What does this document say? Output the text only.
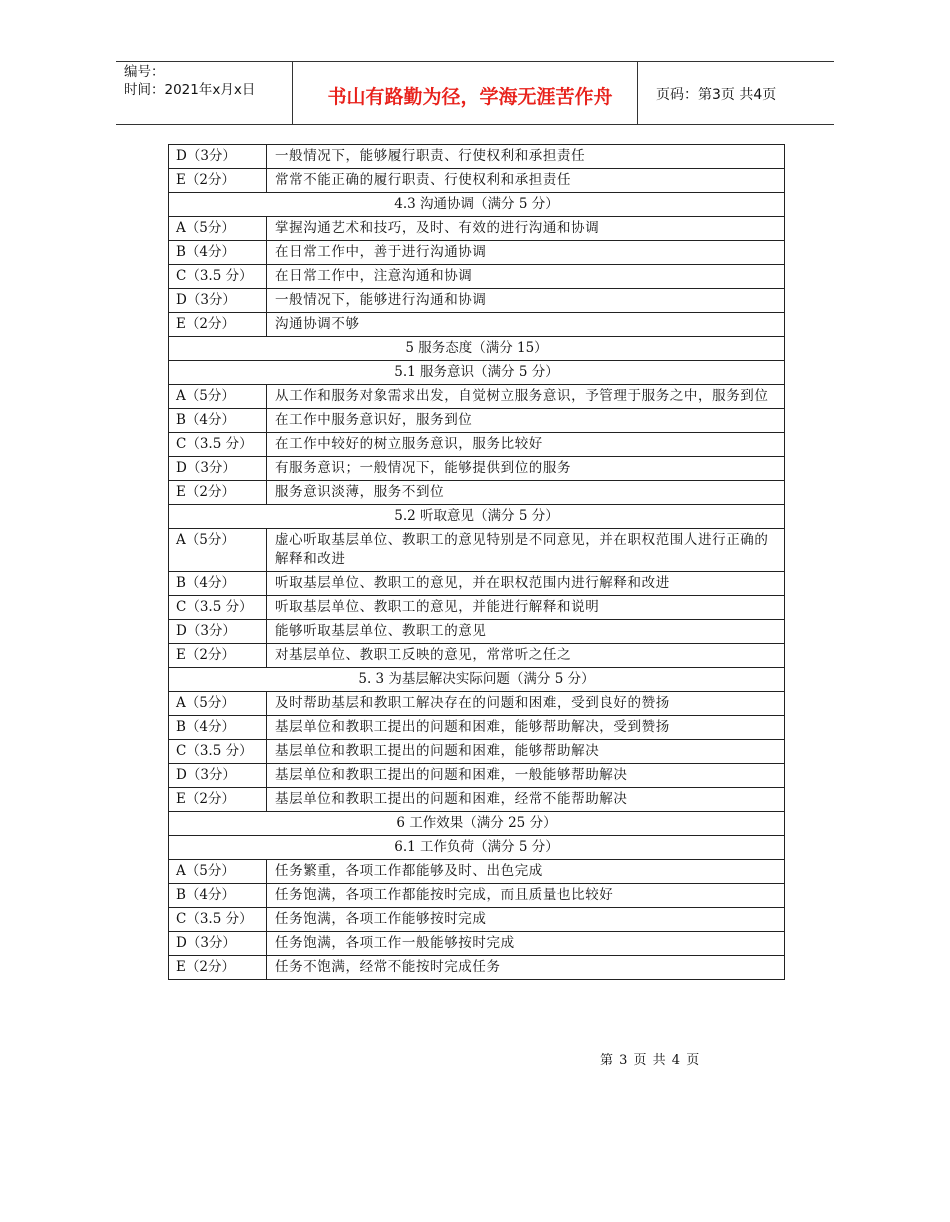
编号：
时间：2021年x月x日	书山有路勤为径，学海无涯苦作舟	页码：第3页 共4页
D（3分）	一般情况下，能够履行职责、行使权利和承担责任
E（2分）	常常不能正确的履行职责、行使权利和承担责任
4.3 沟通协调（满分 5 分）	
A（5分）	掌握沟通艺术和技巧，及时、有效的进行沟通和协调
B（4分）	在日常工作中，善于进行沟通协调
C（3.5 分）	在日常工作中，注意沟通和协调
D（3分）	一般情况下，能够进行沟通和协调
E（2分）	沟通协调不够
5 服务态度（满分 15）	
5.1 服务意识（满分 5 分）	
A（5分）	从工作和服务对象需求出发，自觉树立服务意识，予管理于服务之中，服务到位
B（4分）	在工作中服务意识好，服务到位
C（3.5 分）	在工作中较好的树立服务意识，服务比较好
D（3分）	有服务意识；一般情况下，能够提供到位的服务
E（2分）	服务意识淡薄，服务不到位
5.2 听取意见（满分 5 分）	
A（5分）	虚心听取基层单位、教职工的意见特别是不同意见，并在职权范围人进行正确的解释和改进
B（4分）	听取基层单位、教职工的意见，并在职权范围内进行解释和改进
C（3.5 分）	听取基层单位、教职工的意见，并能进行解释和说明
D（3分）	能够听取基层单位、教职工的意见
E（2分）	对基层单位、教职工反映的意见，常常听之任之
5. 3 为基层解决实际问题（满分 5 分）	
A（5分）	及时帮助基层和教职工解决存在的问题和困难，受到良好的赞扬
B（4分）	基层单位和教职工提出的问题和困难，能够帮助解决，受到赞扬
C（3.5 分）	基层单位和教职工提出的问题和困难，能够帮助解决
D（3分）	基层单位和教职工提出的问题和困难，一般能够帮助解决
E（2分）	基层单位和教职工提出的问题和困难，经常不能帮助解决
6 工作效果（满分 25 分）	
6.1 工作负荷（满分 5 分）	
A（5分）	任务繁重，各项工作都能够及时、出色完成
B（4分）	任务饱满，各项工作都能按时完成，而且质量也比较好
C（3.5 分）	任务饱满，各项工作能够按时完成
D（3分）	任务饱满，各项工作一般能够按时完成
E（2分）	任务不饱满，经常不能按时完成任务
第 3 页 共 4 页
